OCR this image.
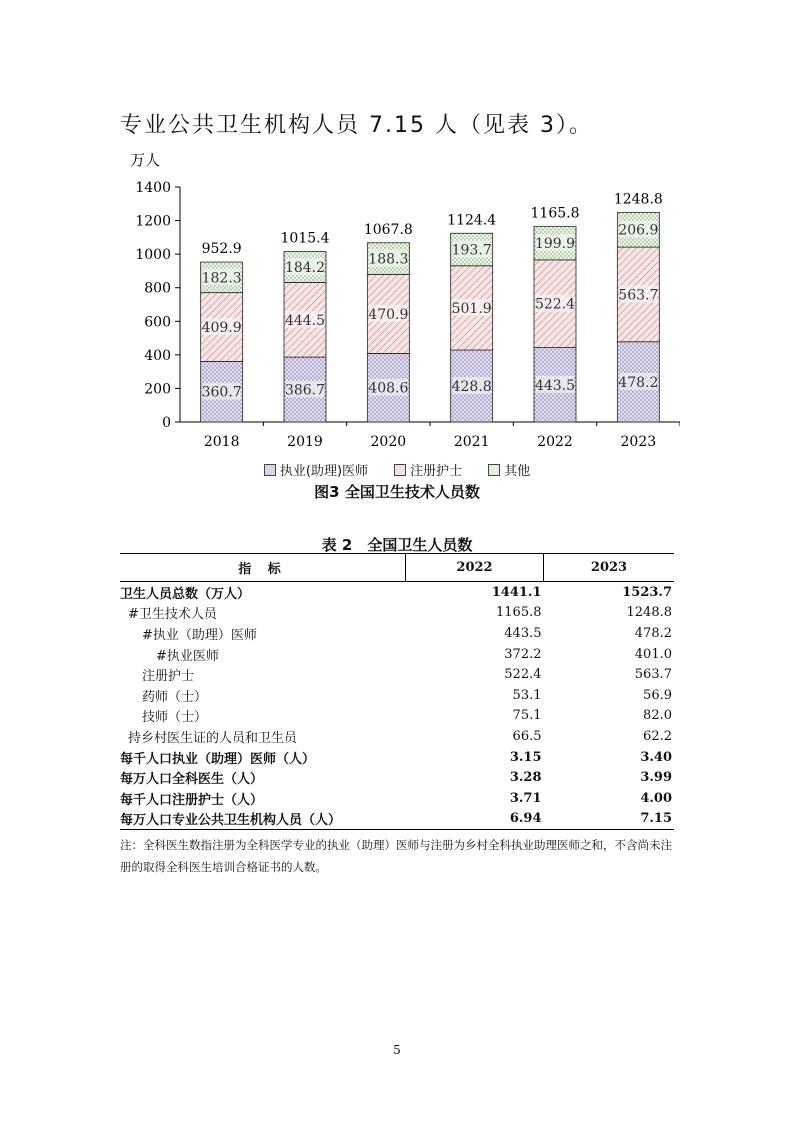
专业公共卫生机构人员 7.15 人（见表 3）。
万人
0
200
400
600
800
1000
1200
1400
360.7
409.9
182.3
952.9
2018
386.7
444.5
184.2
1015.4
2019
408.6
470.9
188.3
1067.8
2020
428.8
501.9
193.7
1124.4
2021
443.5
522.4
199.9
1165.8
2022
478.2
563.7
206.9
1248.8
2023
执业(助理)医师	注册护士	其他
图3 全国卫生技术人员数
表 2　全国卫生人员数
指 标	2022	2023
卫生人员总数（万人）	1441.1	1523.7
#卫生技术人员	1165.8	1248.8
#执业（助理）医师	443.5	478.2
#执业医师	372.2	401.0
注册护士	522.4	563.7
药师（士）	53.1	56.9
技师（士）	75.1	82.0
持乡村医生证的人员和卫生员	66.5	62.2
每千人口执业（助理）医师（人）	3.15	3.40
每万人口全科医生（人）	3.28	3.99
每千人口注册护士（人）	3.71	4.00
每万人口专业公共卫生机构人员（人）	6.94	7.15
注：全科医生数指注册为全科医学专业的执业（助理）医师与注册为乡村全科执业助理医师之和，不含尚未注册的取得全科医生培训合格证书的人数。
5
